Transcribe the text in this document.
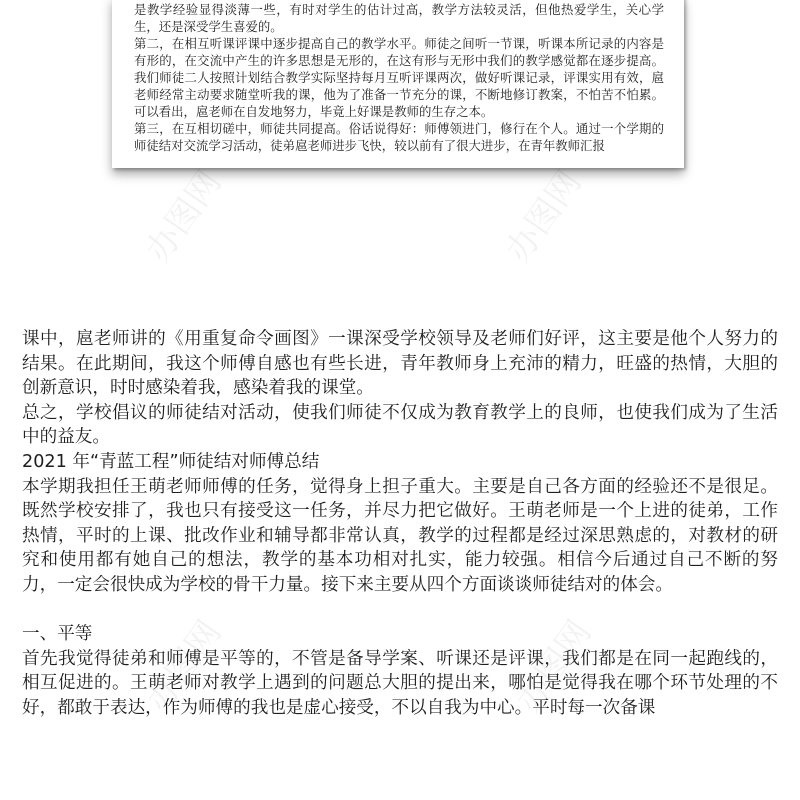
是教学经验显得淡薄一些，有时对学生的估计过高，教学方法较灵活，但他热爱学生，关心学生，还是深受学生喜爱的。

第二，在相互听课评课中逐步提高自己的教学水平。师徒之间听一节课，听课本所记录的内容是有形的，在交流中产生的许多思想是无形的，在这有形与无形中我们的教学感觉都在逐步提高。我们师徒二人按照计划结合教学实际坚持每月互听评课两次，做好听课记录，评课实用有效，扈老师经常主动要求随堂听我的课，他为了准备一节充分的课，不断地修订教案，不怕苦不怕累。可以看出，扈老师在自发地努力，毕竟上好课是教师的生存之本。

第三，在互相切磋中，师徒共同提高。俗话说得好：师傅领进门，修行在个人。通过一个学期的师徒结对交流学习活动，徒弟扈老师进步飞快，较以前有了很大进步，在青年教师汇报

办图网	办图网
办图网	办图网

课中，扈老师讲的《用重复命令画图》一课深受学校领导及老师们好评，这主要是他个人努力的结果。在此期间，我这个师傅自感也有些长进，青年教师身上充沛的精力，旺盛的热情，大胆的创新意识，时时感染着我，感染着我的课堂。

总之，学校倡议的师徒结对活动，使我们师徒不仅成为教育教学上的良师，也使我们成为了生活中的益友。

2021 年“青蓝工程”师徒结对师傅总结

本学期我担任王萌老师师傅的任务，觉得身上担子重大。主要是自己各方面的经验还不是很足。既然学校安排了，我也只有接受这一任务，并尽力把它做好。王萌老师是一个上进的徒弟，工作热情，平时的上课、批改作业和辅导都非常认真，教学的过程都是经过深思熟虑的，对教材的研究和使用都有她自己的想法，教学的基本功相对扎实，能力较强。相信今后通过自己不断的努力，一定会很快成为学校的骨干力量。接下来主要从四个方面谈谈师徒结对的体会。

一、平等

首先我觉得徒弟和师傅是平等的，不管是备导学案、听课还是评课，我们都是在同一起跑线的，相互促进的。王萌老师对教学上遇到的问题总大胆的提出来，哪怕是觉得我在哪个环节处理的不好，都敢于表达，作为师傅的我也是虚心接受，不以自我为中心。平时每一次备课
